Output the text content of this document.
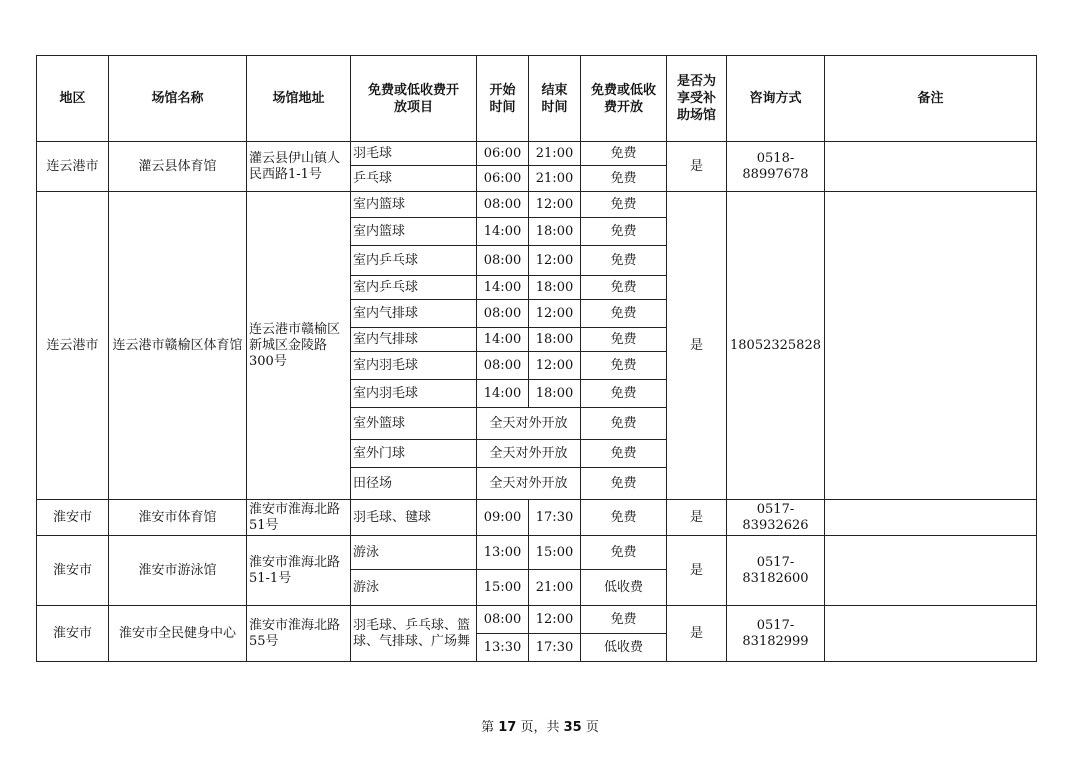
地区	场馆名称	场馆地址	免费或低收费开放项目	开始时间	结束时间	免费或低收费开放	是否为享受补助场馆	咨询方式	备注
连云港市	灌云县体育馆	灌云县伊山镇人民西路1-1号	羽毛球	06:00	21:00	免费	是	0518-88997678	
			乒乓球	06:00	21:00	免费			
连云港市	连云港市赣榆区体育馆	连云港市赣榆区新城区金陵路300号	室内篮球	08:00	12:00	免费	是	18052325828	
			室内篮球	14:00	18:00	免费			
			室内乒乓球	08:00	12:00	免费			
			室内乒乓球	14:00	18:00	免费			
			室内气排球	08:00	12:00	免费			
			室内气排球	14:00	18:00	免费			
			室内羽毛球	08:00	12:00	免费			
			室内羽毛球	14:00	18:00	免费			
			室外篮球	全天对外开放		免费			
			室外门球	全天对外开放		免费			
			田径场	全天对外开放		免费			
淮安市	淮安市体育馆	淮安市淮海北路51号	羽毛球、毽球	09:00	17:30	免费	是	0517-83932626	
淮安市	淮安市游泳馆	淮安市淮海北路51-1号	游泳	13:00	15:00	免费	是	0517-83182600	
			游泳	15:00	21:00	低收费			
淮安市	淮安市全民健身中心	淮安市淮海北路55号	羽毛球、乒乓球、篮球、气排球、广场舞	08:00	12:00	免费	是	0517-83182999	
				13:30	17:30	低收费			
第 17 页，共 35 页
